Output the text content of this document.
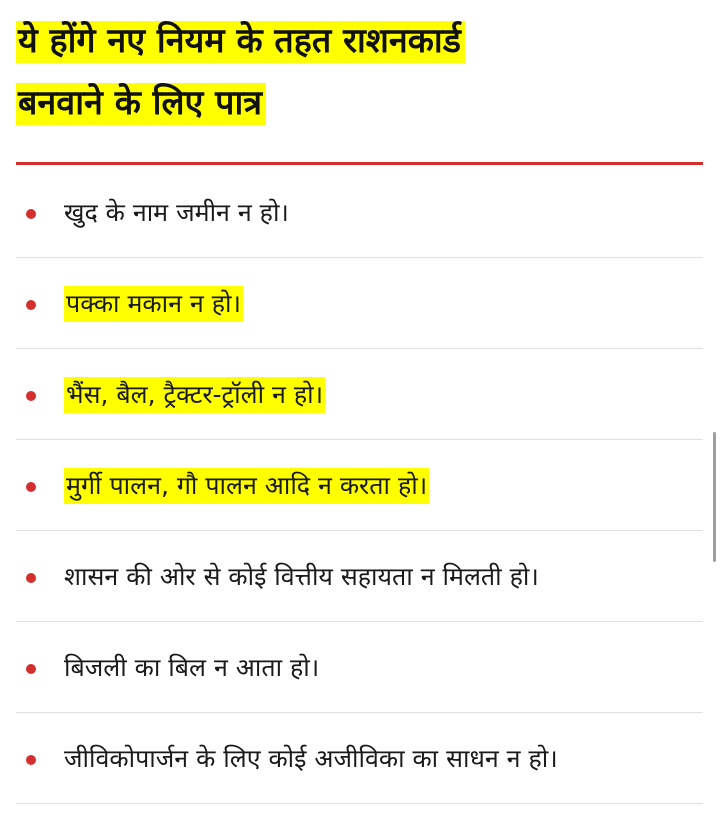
ये होंगे नए नियम के तहत राशनकार्ड
बनवाने के लिए पात्र
खुद के नाम जमीन न हो।
पक्का मकान न हो।
भैंस, बैल, ट्रैक्टर-ट्रॉली न हो।
मुर्गी पालन, गौ पालन आदि न करता हो।
शासन की ओर से कोई वित्तीय सहायता न मिलती हो।
बिजली का बिल न आता हो।
जीविकोपार्जन के लिए कोई अजीविका का साधन न हो।
